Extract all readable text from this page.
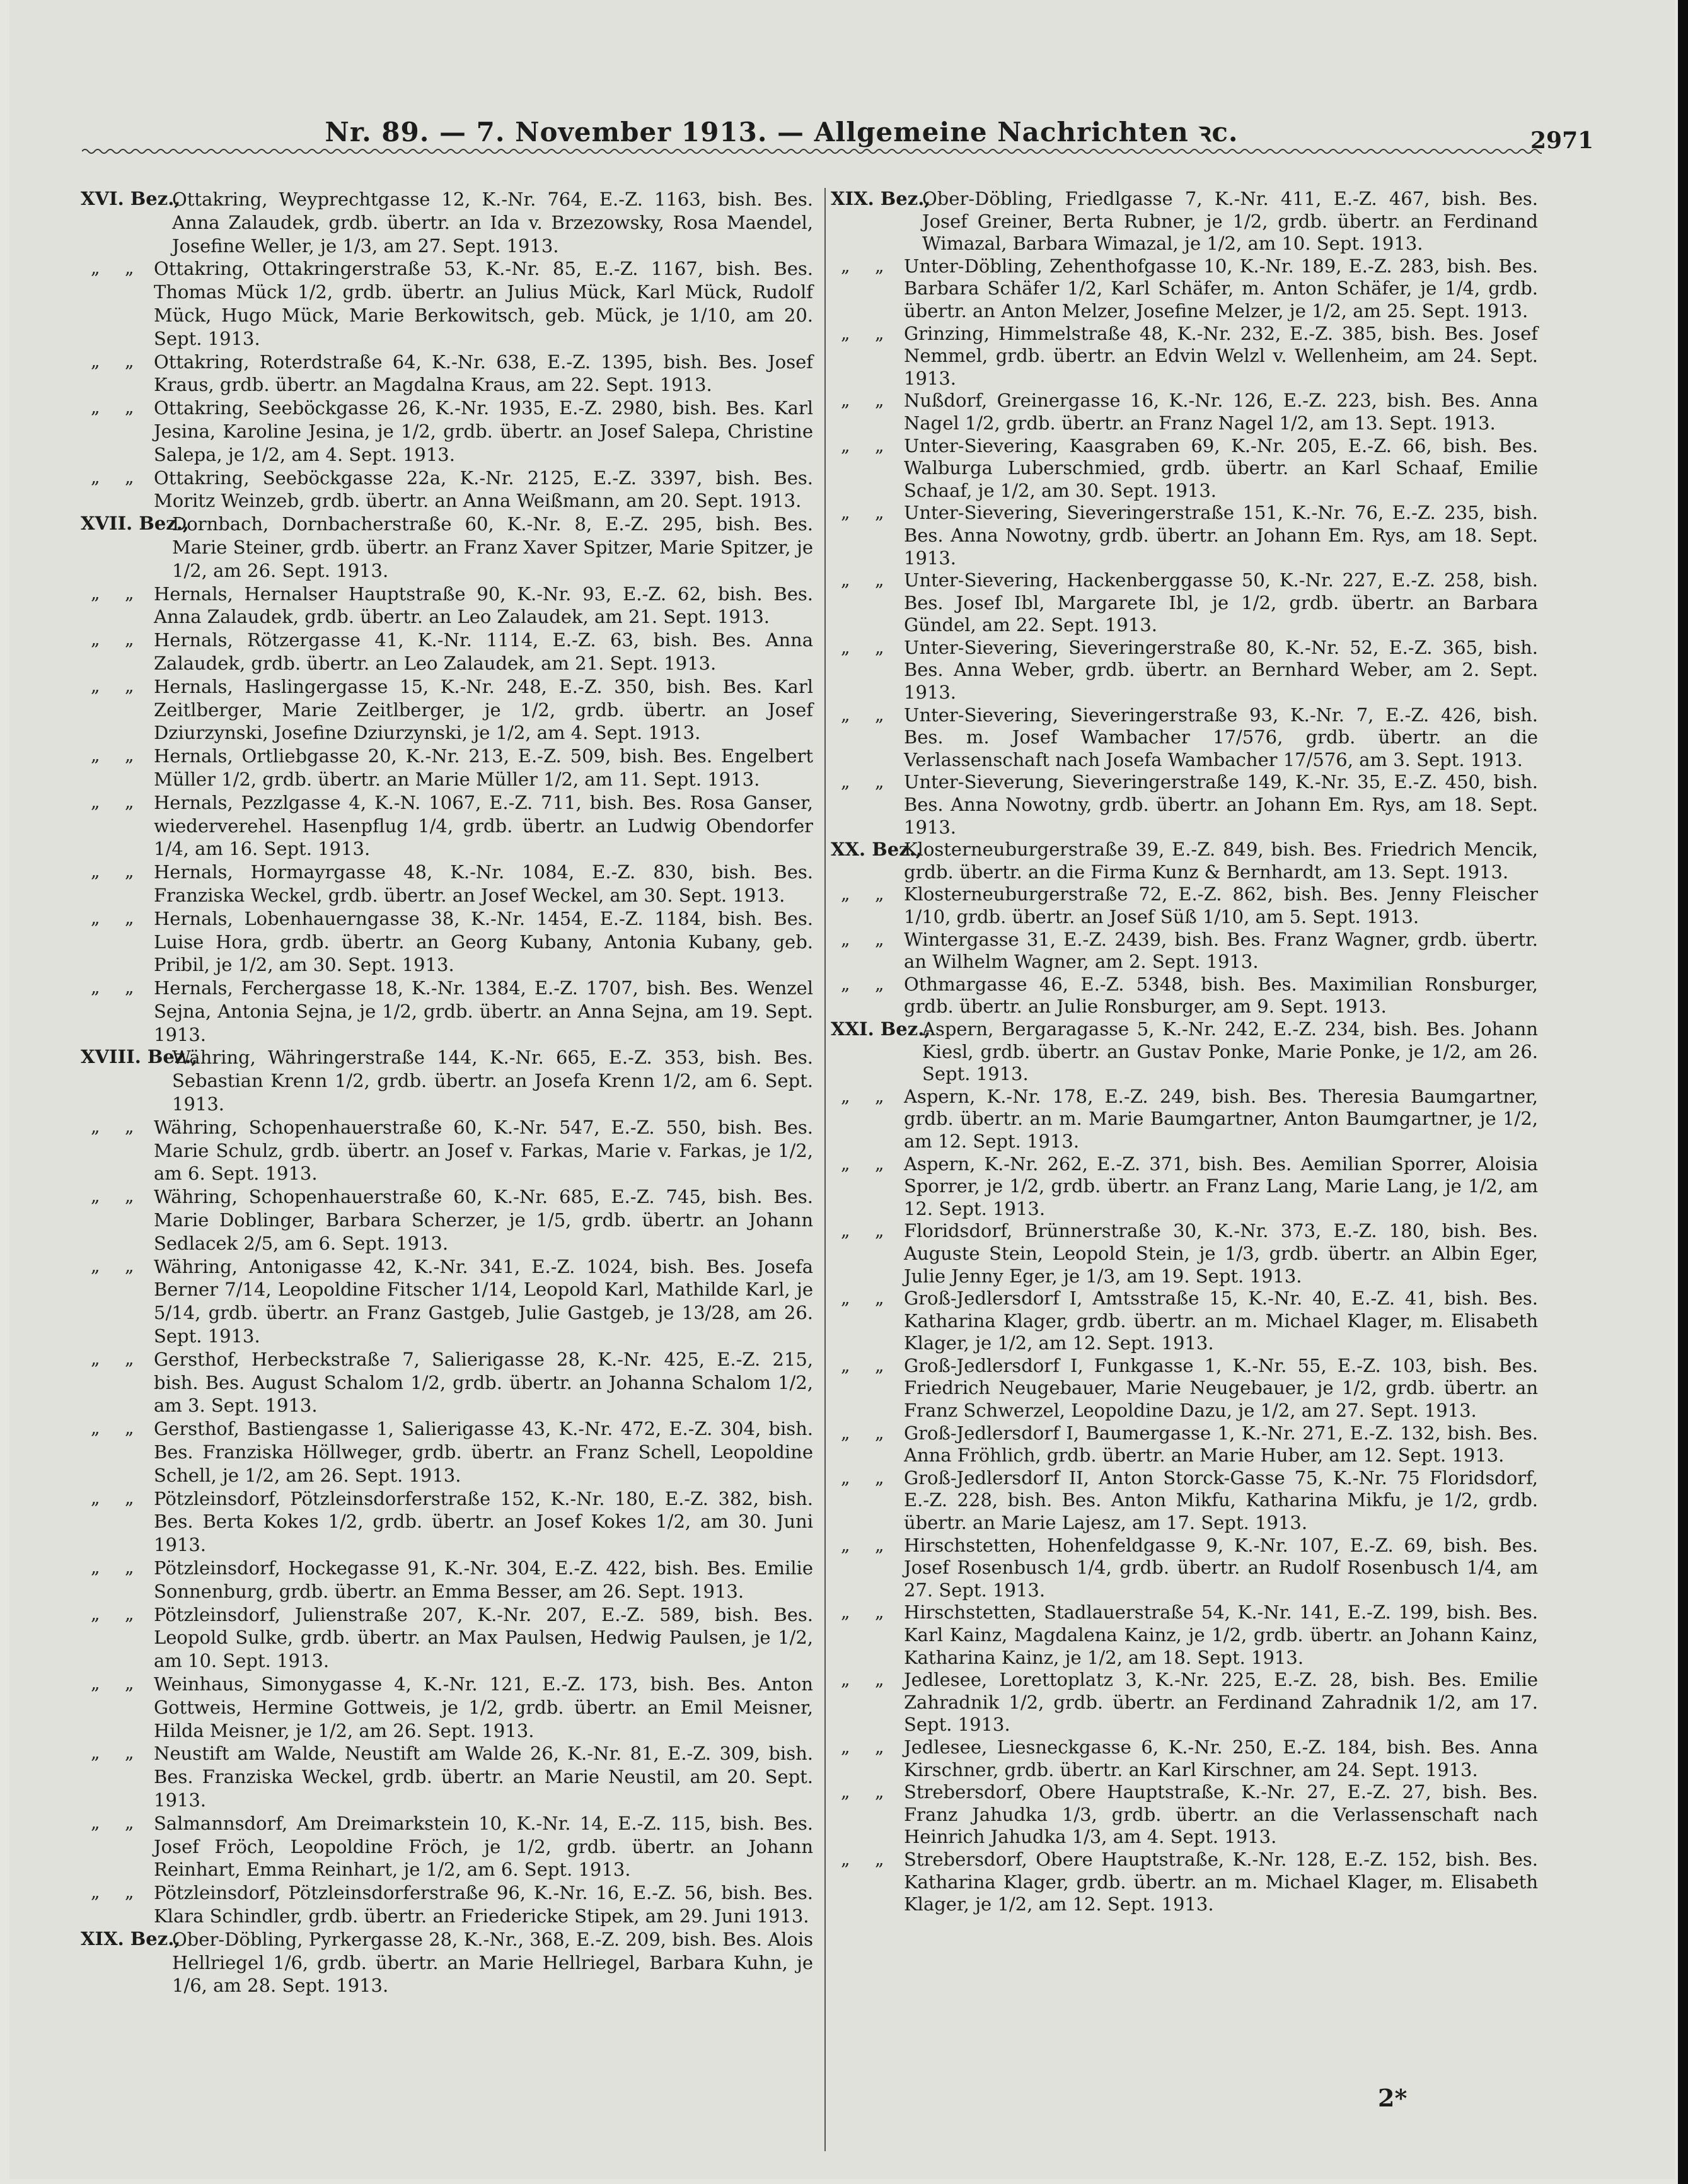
Nr. 89. — 7. November 1913. — Allgemeine Nachrichten ꝛc.	2971
XVI. Bez.,
Ottakring, Weyprechtgasse 12, K.-Nr. 764, E.-Z. 1163, bish. Bes. Anna Zalaudek, grdb. übertr. an Ida v. Brzezowsky, Rosa Maendel, Josefine Weller, je 1/3, am 27. Sept. 1913.
„ „ Ottakring, Ottakringerstraße 53, K.-Nr. 85, E.-Z. 1167, bish. Bes. Thomas Mück 1/2, grdb. übertr. an Julius Mück, Karl Mück, Rudolf Mück, Hugo Mück, Marie Berkowitsch, geb. Mück, je 1/10, am 20. Sept. 1913.
„ „ Ottakring, Roterdstraße 64, K.-Nr. 638, E.-Z. 1395, bish. Bes. Josef Kraus, grdb. übertr. an Magdalna Kraus, am 22. Sept. 1913.
„ „ Ottakring, Seeböckgasse 26, K.-Nr. 1935, E.-Z. 2980, bish. Bes. Karl Jesina, Karoline Jesina, je 1/2, grdb. übertr. an Josef Salepa, Christine Salepa, je 1/2, am 4. Sept. 1913.
„ „ Ottakring, Seeböckgasse 22a, K.-Nr. 2125, E.-Z. 3397, bish. Bes. Moritz Weinzeb, grdb. übertr. an Anna Weißmann, am 20. Sept. 1913.
XVII. Bez.,
Dornbach, Dornbacherstraße 60, K.-Nr. 8, E.-Z. 295, bish. Bes. Marie Steiner, grdb. übertr. an Franz Xaver Spitzer, Marie Spitzer, je 1/2, am 26. Sept. 1913.
„ „ Hernals, Hernalser Hauptstraße 90, K.-Nr. 93, E.-Z. 62, bish. Bes. Anna Zalaudek, grdb. übertr. an Leo Zalaudek, am 21. Sept. 1913.
„ „ Hernals, Rötzergasse 41, K.-Nr. 1114, E.-Z. 63, bish. Bes. Anna Zalaudek, grdb. übertr. an Leo Zalaudek, am 21. Sept. 1913.
„ „ Hernals, Haslingergasse 15, K.-Nr. 248, E.-Z. 350, bish. Bes. Karl Zeitlberger, Marie Zeitlberger, je 1/2, grdb. übertr. an Josef Dziurzynski, Josefine Dziurzynski, je 1/2, am 4. Sept. 1913.
„ „ Hernals, Ortliebgasse 20, K.-Nr. 213, E.-Z. 509, bish. Bes. Engelbert Müller 1/2, grdb. übertr. an Marie Müller 1/2, am 11. Sept. 1913.
„ „ Hernals, Pezzlgasse 4, K.-N. 1067, E.-Z. 711, bish. Bes. Rosa Ganser, wiederverehel. Hasenpflug 1/4, grdb. übertr. an Ludwig Obendorfer 1/4, am 16. Sept. 1913.
„ „ Hernals, Hormayrgasse 48, K.-Nr. 1084, E.-Z. 830, bish. Bes. Franziska Weckel, grdb. übertr. an Josef Weckel, am 30. Sept. 1913.
„ „ Hernals, Lobenhauerngasse 38, K.-Nr. 1454, E.-Z. 1184, bish. Bes. Luise Hora, grdb. übertr. an Georg Kubany, Antonia Kubany, geb. Pribil, je 1/2, am 30. Sept. 1913.
„ „ Hernals, Ferchergasse 18, K.-Nr. 1384, E.-Z. 1707, bish. Bes. Wenzel Sejna, Antonia Sejna, je 1/2, grdb. übertr. an Anna Sejna, am 19. Sept. 1913.
XVIII. Bez.,
Währing, Währingerstraße 144, K.-Nr. 665, E.-Z. 353, bish. Bes. Sebastian Krenn 1/2, grdb. übertr. an Josefa Krenn 1/2, am 6. Sept. 1913.
„ „ Währing, Schopenhauerstraße 60, K.-Nr. 547, E.-Z. 550, bish. Bes. Marie Schulz, grdb. übertr. an Josef v. Farkas, Marie v. Farkas, je 1/2, am 6. Sept. 1913.
„ „ Währing, Schopenhauerstraße 60, K.-Nr. 685, E.-Z. 745, bish. Bes. Marie Doblinger, Barbara Scherzer, je 1/5, grdb. übertr. an Johann Sedlacek 2/5, am 6. Sept. 1913.
„ „ Währing, Antonigasse 42, K.-Nr. 341, E.-Z. 1024, bish. Bes. Josefa Berner 7/14, Leopoldine Fitscher 1/14, Leopold Karl, Mathilde Karl, je 5/14, grdb. übertr. an Franz Gastgeb, Julie Gastgeb, je 13/28, am 26. Sept. 1913.
„ „ Gersthof, Herbeckstraße 7, Salierigasse 28, K.-Nr. 425, E.-Z. 215, bish. Bes. August Schalom 1/2, grdb. übertr. an Johanna Schalom 1/2, am 3. Sept. 1913.
„ „ Gersthof, Bastiengasse 1, Salierigasse 43, K.-Nr. 472, E.-Z. 304, bish. Bes. Franziska Höllweger, grdb. übertr. an Franz Schell, Leopoldine Schell, je 1/2, am 26. Sept. 1913.
„ „ Pötzleinsdorf, Pötzleinsdorferstraße 152, K.-Nr. 180, E.-Z. 382, bish. Bes. Berta Kokes 1/2, grdb. übertr. an Josef Kokes 1/2, am 30. Juni 1913.
„ „ Pötzleinsdorf, Hockegasse 91, K.-Nr. 304, E.-Z. 422, bish. Bes. Emilie Sonnenburg, grdb. übertr. an Emma Besser, am 26. Sept. 1913.
„ „ Pötzleinsdorf, Julienstraße 207, K.-Nr. 207, E.-Z. 589, bish. Bes. Leopold Sulke, grdb. übertr. an Max Paulsen, Hedwig Paulsen, je 1/2, am 10. Sept. 1913.
„ „ Weinhaus, Simonygasse 4, K.-Nr. 121, E.-Z. 173, bish. Bes. Anton Gottweis, Hermine Gottweis, je 1/2, grdb. übertr. an Emil Meisner, Hilda Meisner, je 1/2, am 26. Sept. 1913.
„ „ Neustift am Walde, Neustift am Walde 26, K.-Nr. 81, E.-Z. 309, bish. Bes. Franziska Weckel, grdb. übertr. an Marie Neustil, am 20. Sept. 1913.
„ „ Salmannsdorf, Am Dreimarkstein 10, K.-Nr. 14, E.-Z. 115, bish. Bes. Josef Fröch, Leopoldine Fröch, je 1/2, grdb. übertr. an Johann Reinhart, Emma Reinhart, je 1/2, am 6. Sept. 1913.
„ „ Pötzleinsdorf, Pötzleinsdorferstraße 96, K.-Nr. 16, E.-Z. 56, bish. Bes. Klara Schindler, grdb. übertr. an Friedericke Stipek, am 29. Juni 1913.
XIX. Bez.,
Ober-Döbling, Pyrkergasse 28, K.-Nr., 368, E.-Z. 209, bish. Bes. Alois Hellriegel 1/6, grdb. übertr. an Marie Hellriegel, Barbara Kuhn, je 1/6, am 28. Sept. 1913.
XIX. Bez.,
Ober-Döbling, Friedlgasse 7, K.-Nr. 411, E.-Z. 467, bish. Bes. Josef Greiner, Berta Rubner, je 1/2, grdb. übertr. an Ferdinand Wimazal, Barbara Wimazal, je 1/2, am 10. Sept. 1913.
„ „ Unter-Döbling, Zehenthofgasse 10, K.-Nr. 189, E.-Z. 283, bish. Bes. Barbara Schäfer 1/2, Karl Schäfer, m. Anton Schäfer, je 1/4, grdb. übertr. an Anton Melzer, Josefine Melzer, je 1/2, am 25. Sept. 1913.
„ „ Grinzing, Himmelstraße 48, K.-Nr. 232, E.-Z. 385, bish. Bes. Josef Nemmel, grdb. übertr. an Edvin Welzl v. Wellenheim, am 24. Sept. 1913.
„ „ Nußdorf, Greinergasse 16, K.-Nr. 126, E.-Z. 223, bish. Bes. Anna Nagel 1/2, grdb. übertr. an Franz Nagel 1/2, am 13. Sept. 1913.
„ „ Unter-Sievering, Kaasgraben 69, K.-Nr. 205, E.-Z. 66, bish. Bes. Walburga Luberschmied, grdb. übertr. an Karl Schaaf, Emilie Schaaf, je 1/2, am 30. Sept. 1913.
„ „ Unter-Sievering, Sieveringerstraße 151, K.-Nr. 76, E.-Z. 235, bish. Bes. Anna Nowotny, grdb. übertr. an Johann Em. Rys, am 18. Sept. 1913.
„ „ Unter-Sievering, Hackenberggasse 50, K.-Nr. 227, E.-Z. 258, bish. Bes. Josef Ibl, Margarete Ibl, je 1/2, grdb. übertr. an Barbara Gündel, am 22. Sept. 1913.
„ „ Unter-Sievering, Sieveringerstraße 80, K.-Nr. 52, E.-Z. 365, bish. Bes. Anna Weber, grdb. übertr. an Bernhard Weber, am 2. Sept. 1913.
„ „ Unter-Sievering, Sieveringerstraße 93, K.-Nr. 7, E.-Z. 426, bish. Bes. m. Josef Wambacher 17/576, grdb. übertr. an die Verlassenschaft nach Josefa Wambacher 17/576, am 3. Sept. 1913.
„ „ Unter-Sieverung, Sieveringerstraße 149, K.-Nr. 35, E.-Z. 450, bish. Bes. Anna Nowotny, grdb. übertr. an Johann Em. Rys, am 18. Sept. 1913.
XX. Bez.,
Klosterneuburgerstraße 39, E.-Z. 849, bish. Bes. Friedrich Mencik, grdb. übertr. an die Firma Kunz & Bernhardt, am 13. Sept. 1913.
„ „ Klosterneuburgerstraße 72, E.-Z. 862, bish. Bes. Jenny Fleischer 1/10, grdb. übertr. an Josef Süß 1/10, am 5. Sept. 1913.
„ „ Wintergasse 31, E.-Z. 2439, bish. Bes. Franz Wagner, grdb. übertr. an Wilhelm Wagner, am 2. Sept. 1913.
„ „ Othmargasse 46, E.-Z. 5348, bish. Bes. Maximilian Ronsburger, grdb. übertr. an Julie Ronsburger, am 9. Sept. 1913.
XXI. Bez.,
Aspern, Bergaragasse 5, K.-Nr. 242, E.-Z. 234, bish. Bes. Johann Kiesl, grdb. übertr. an Gustav Ponke, Marie Ponke, je 1/2, am 26. Sept. 1913.
„ „ Aspern, K.-Nr. 178, E.-Z. 249, bish. Bes. Theresia Baumgartner, grdb. übertr. an m. Marie Baumgartner, Anton Baumgartner, je 1/2, am 12. Sept. 1913.
„ „ Aspern, K.-Nr. 262, E.-Z. 371, bish. Bes. Aemilian Sporrer, Aloisia Sporrer, je 1/2, grdb. übertr. an Franz Lang, Marie Lang, je 1/2, am 12. Sept. 1913.
„ „ Floridsdorf, Brünnerstraße 30, K.-Nr. 373, E.-Z. 180, bish. Bes. Auguste Stein, Leopold Stein, je 1/3, grdb. übertr. an Albin Eger, Julie Jenny Eger, je 1/3, am 19. Sept. 1913.
„ „ Groß-Jedlersdorf I, Amtsstraße 15, K.-Nr. 40, E.-Z. 41, bish. Bes. Katharina Klager, grdb. übertr. an m. Michael Klager, m. Elisabeth Klager, je 1/2, am 12. Sept. 1913.
„ „ Groß-Jedlersdorf I, Funkgasse 1, K.-Nr. 55, E.-Z. 103, bish. Bes. Friedrich Neugebauer, Marie Neugebauer, je 1/2, grdb. übertr. an Franz Schwerzel, Leopoldine Dazu, je 1/2, am 27. Sept. 1913.
„ „ Groß-Jedlersdorf I, Baumergasse 1, K.-Nr. 271, E.-Z. 132, bish. Bes. Anna Fröhlich, grdb. übertr. an Marie Huber, am 12. Sept. 1913.
„ „ Groß-Jedlersdorf II, Anton Storck-Gasse 75, K.-Nr. 75 Floridsdorf, E.-Z. 228, bish. Bes. Anton Mikfu, Katharina Mikfu, je 1/2, grdb. übertr. an Marie Lajesz, am 17. Sept. 1913.
„ „ Hirschstetten, Hohenfeldgasse 9, K.-Nr. 107, E.-Z. 69, bish. Bes. Josef Rosenbusch 1/4, grdb. übertr. an Rudolf Rosenbusch 1/4, am 27. Sept. 1913.
„ „ Hirschstetten, Stadlauerstraße 54, K.-Nr. 141, E.-Z. 199, bish. Bes. Karl Kainz, Magdalena Kainz, je 1/2, grdb. übertr. an Johann Kainz, Katharina Kainz, je 1/2, am 18. Sept. 1913.
„ „ Jedlesee, Lorettoplatz 3, K.-Nr. 225, E.-Z. 28, bish. Bes. Emilie Zahradnik 1/2, grdb. übertr. an Ferdinand Zahradnik 1/2, am 17. Sept. 1913.
„ „ Jedlesee, Liesneckgasse 6, K.-Nr. 250, E.-Z. 184, bish. Bes. Anna Kirschner, grdb. übertr. an Karl Kirschner, am 24. Sept. 1913.
„ „ Strebersdorf, Obere Hauptstraße, K.-Nr. 27, E.-Z. 27, bish. Bes. Franz Jahudka 1/3, grdb. übertr. an die Verlassenschaft nach Heinrich Jahudka 1/3, am 4. Sept. 1913.
„ „ Strebersdorf, Obere Hauptstraße, K.-Nr. 128, E.-Z. 152, bish. Bes. Katharina Klager, grdb. übertr. an m. Michael Klager, m. Elisabeth Klager, je 1/2, am 12. Sept. 1913.
2*
